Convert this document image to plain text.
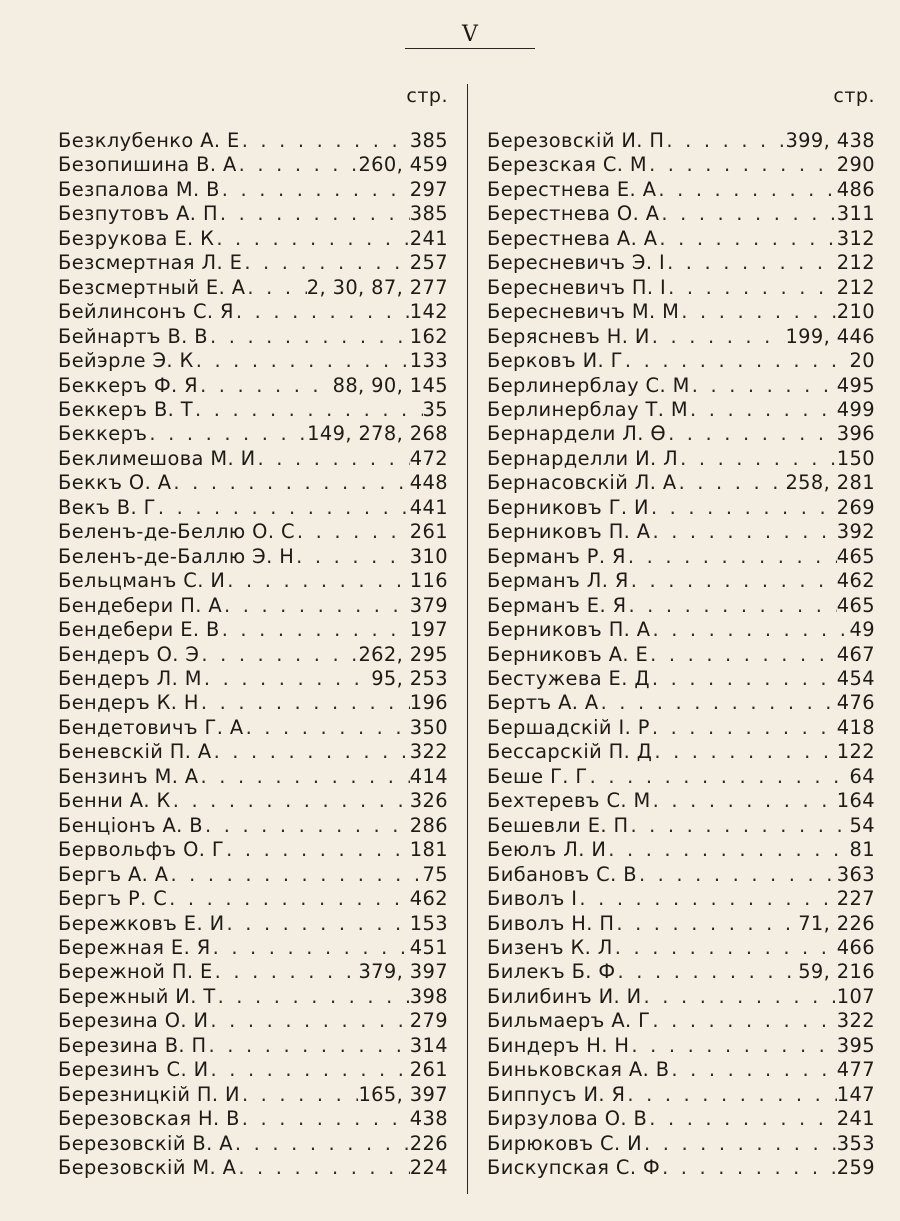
V
стр.
Безклубенко А. Е . . .	385
Безопишина В. А . . .	260, 459
Безпалова М. В . . .	297
Безпутовъ А. П . . .	385
Безрукова Е. К . . .	241
Безсмертная Л. Е . . .	257
Безсмертный Е. А . . .	2, 30, 87, 277
Бейлинсонъ С. Я . . .	142
Бейнартъ В. В . . .	162
Бейэрле Э. К . . .	133
Беккеръ Ф. Я . . .	88, 90, 145
Беккеръ В. Т . . .	35
Беккеръ . . .	149, 278, 268
Беклимешова М. И . . .	472
Беккъ О. А . . .	448
Векъ В. Г . . .	441
Беленъ-де-Беллю О. С . . .	261
Беленъ-де-Баллю Э. Н . . .	310
Бельцманъ С. И . . .	116
Бендебери П. А . . .	379
Бендебери Е. В . . .	197
Бендеръ О. Э . . .	262, 295
Бендеръ Л. М . . .	95, 253
Бендеръ К. Н . . .	196
Бендетовичъ Г. А . . .	350
Беневскій П. А . . .	322
Бензинъ М. А . . .	414
Бенни А. К . . .	326
Бенціонъ А. В . . .	286
Бервольфъ О. Г . . .	181
Бергъ А. А . . .	75
Бергъ Р. С . . .	462
Бережковъ Е. И . . .	153
Бережная Е. Я . . .	451
Бережной П. Е . . .	379, 397
Бережный И. Т . . .	398
Березина О. И . . .	279
Березина В. П . . .	314
Березинъ С. И . . .	261
Березницкій П. И . . .	165, 397
Березовская Н. В . . .	438
Березовскій В. А . . .	226
Березовскій М. А . . .	224
стр.
Березовскій И. П . . .	399, 438
Березская С. М . . .	290
Берестнева Е. А . . .	486
Берестнева О. А . . .	311
Берестнева А. А . . .	312
Бересневичъ Э. І . . .	212
Бересневичъ П. І . . .	212
Бересневичъ М. М . . .	210
Берясневъ Н. И . . .	199, 446
Берковъ И. Г . . .	20
Берлинерблау С. М . . .	495
Берлинерблау Т. М . . .	499
Бернардели Л. Ѳ . . .	396
Бернарделли И. Л . . .	150
Бернасовскій Л. А . . .	258, 281
Берниковъ Г. И . . .	269
Берниковъ П. А . . .	392
Берманъ Р. Я . . .	465
Берманъ Л. Я . . .	462
Берманъ Е. Я . . .	465
Берниковъ П. А . . .	49
Берниковъ А. Е . . .	467
Бестужева Е. Д . . .	454
Бертъ А. А . . .	476
Бершадскій І. Р . . .	418
Бессарскій П. Д . . .	122
Беше Г. Г . . .	64
Бехтеревъ С. М . . .	164
Бешевли Е. П . . .	54
Беюлъ Л. И . . .	81
Бибановъ С. В . . .	363
Биволъ І . . .	227
Биволъ Н. П . . .	71, 226
Бизенъ К. Л . . .	466
Билекъ Б. Ф . . .	59, 216
Билибинъ И. И . . .	107
Бильмаеръ А. Г . . .	322
Биндеръ Н. Н . . .	395
Биньковская А. В . . .	477
Биппусъ И. Я . . .	147
Бирзулова О. В . . .	241
Бирюковъ С. И . . .	353
Бискупская С. Ф . . .	259
